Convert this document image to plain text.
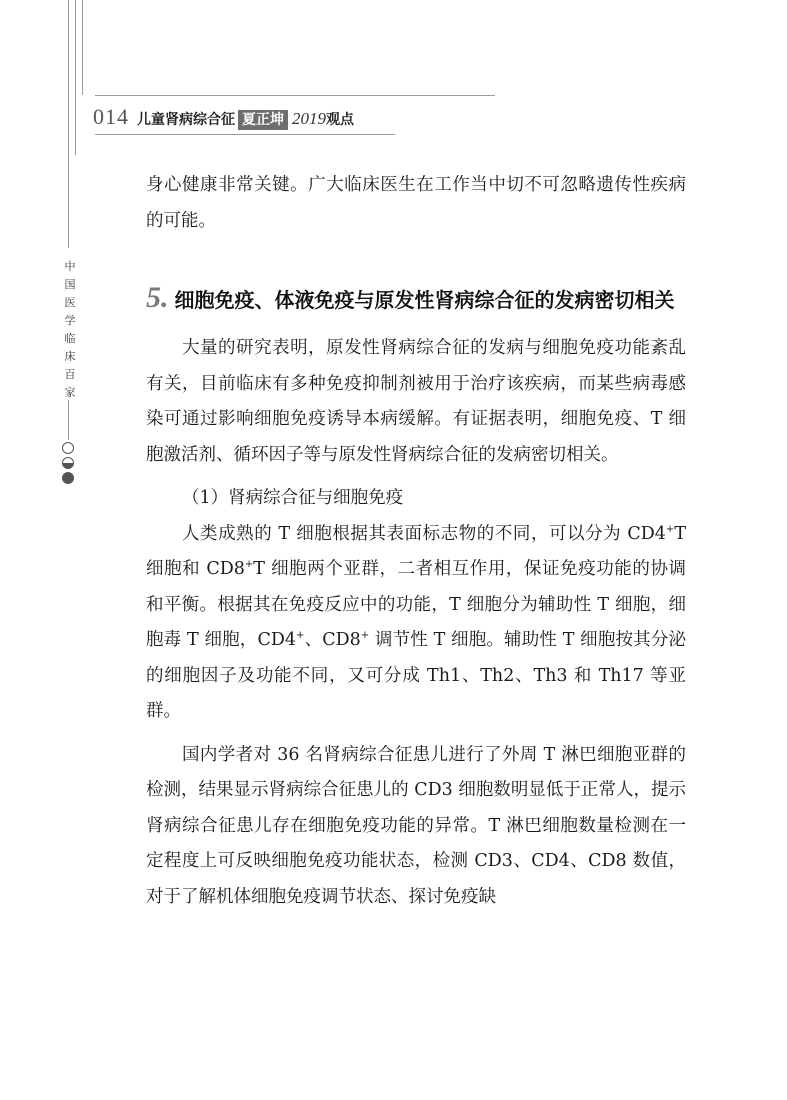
014 儿童肾病综合征 夏正坤 2019 观点
中
国
医
学
临
床
百
家

身心健康非常关键。广大临床医生在工作当中切不可忽略遗传性疾病的可能。

5. 细胞免疫、体液免疫与原发性肾病综合征的发病密切相关

大量的研究表明，原发性肾病综合征的发病与细胞免疫功能紊乱有关，目前临床有多种免疫抑制剂被用于治疗该疾病，而某些病毒感染可通过影响细胞免疫诱导本病缓解。有证据表明，细胞免疫、T 细胞激活剂、循环因子等与原发性肾病综合征的发病密切相关。

（1）肾病综合征与细胞免疫

人类成熟的 T 细胞根据其表面标志物的不同，可以分为 CD4+T 细胞和 CD8+T 细胞两个亚群，二者相互作用，保证免疫功能的协调和平衡。根据其在免疫反应中的功能，T 细胞分为辅助性 T 细胞，细胞毒 T 细胞，CD4+、CD8+ 调节性 T 细胞。辅助性 T 细胞按其分泌的细胞因子及功能不同，又可分成 Th1、Th2、Th3 和 Th17 等亚群。

国内学者对 36 名肾病综合征患儿进行了外周 T 淋巴细胞亚群的检测，结果显示肾病综合征患儿的 CD3 细胞数明显低于正常人，提示肾病综合征患儿存在细胞免疫功能的异常。T 淋巴细胞数量检测在一定程度上可反映细胞免疫功能状态，检测 CD3、CD4、CD8 数值，对于了解机体细胞免疫调节状态、探讨免疫缺
